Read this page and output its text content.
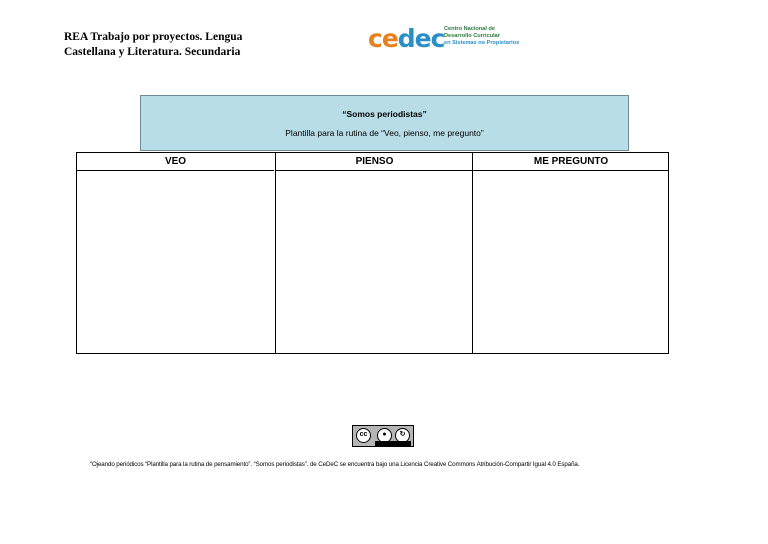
REA Trabajo por proyectos. Lengua
Castellana y Literatura. Secundaria	cedec Centro Nacional de
Desarrollo Curricular
en Sistemas no Propietarios
“Somos periodistas”
Plantilla para la rutina de “Veo, pienso, me pregunto”
VEO	PIENSO	ME PREGUNTO
cc	●	↻
“Ojeando periódicos “Plantilla para la rutina de pensamiento”. “Somos periodistas”. de CeDeC se encuentra bajo una Licencia Creative Commons Atribución-Compartir Igual 4.0 España.
